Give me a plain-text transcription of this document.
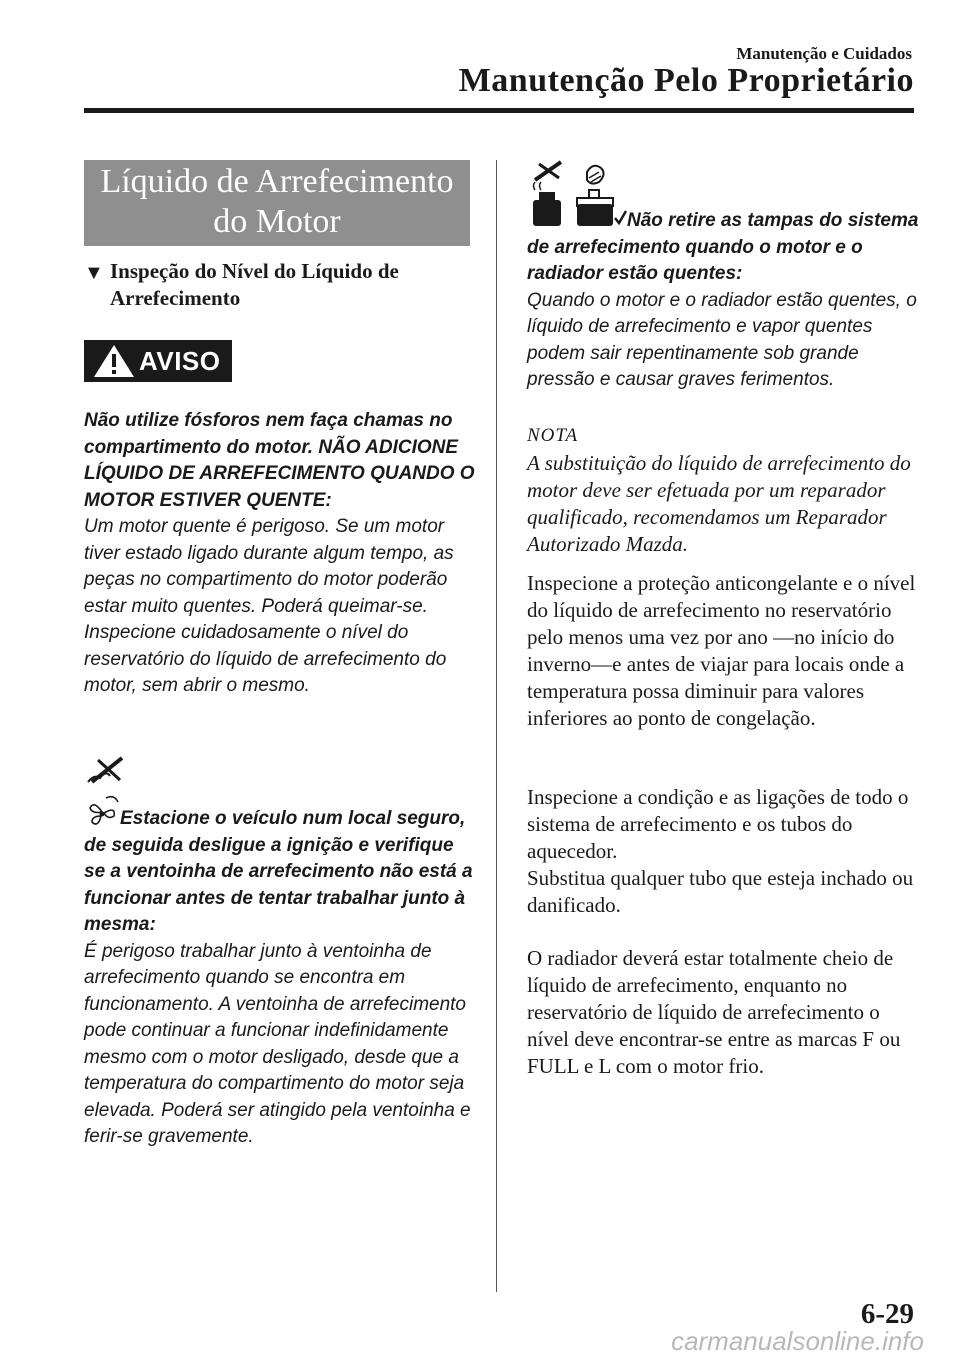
Manutenção e Cuidados
Manutenção Pelo Proprietário
Líquido de Arrefecimento
do Motor
▼ Inspeção do Nível do Líquido de Arrefecimento
AVISO
Não utilize fósforos nem faça chamas no compartimento do motor. NÃO ADICIONE LÍQUIDO DE ARREFECIMENTO QUANDO O MOTOR ESTIVER QUENTE:
Um motor quente é perigoso. Se um motor tiver estado ligado durante algum tempo, as peças no compartimento do motor poderão estar muito quentes. Poderá queimar-se. Inspecione cuidadosamente o nível do reservatório do líquido de arrefecimento do motor, sem abrir o mesmo.
Estacione o veículo num local seguro, de seguida desligue a ignição e verifique se a ventoinha de arrefecimento não está a funcionar antes de tentar trabalhar junto à mesma:
É perigoso trabalhar junto à ventoinha de arrefecimento quando se encontra em funcionamento. A ventoinha de arrefecimento pode continuar a funcionar indefinidamente mesmo com o motor desligado, desde que a temperatura do compartimento do motor seja elevada. Poderá ser atingido pela ventoinha e ferir-se gravemente.
Não retire as tampas do sistema de arrefecimento quando o motor e o radiador estão quentes:
Quando o motor e o radiador estão quentes, o líquido de arrefecimento e vapor quentes podem sair repentinamente sob grande pressão e causar graves ferimentos.
NOTA
A substituição do líquido de arrefecimento do motor deve ser efetuada por um reparador qualificado, recomendamos um Reparador Autorizado Mazda.
Inspecione a proteção anticongelante e o nível do líquido de arrefecimento no reservatório pelo menos uma vez por ano —no início do inverno—e antes de viajar para locais onde a temperatura possa diminuir para valores inferiores ao ponto de congelação.
Inspecione a condição e as ligações de todo o sistema de arrefecimento e os tubos do aquecedor.
Substitua qualquer tubo que esteja inchado ou danificado.
O radiador deverá estar totalmente cheio de líquido de arrefecimento, enquanto no reservatório de líquido de arrefecimento o nível deve encontrar-se entre as marcas F ou FULL e L com o motor frio.
6-29
carmanualsonline.info
